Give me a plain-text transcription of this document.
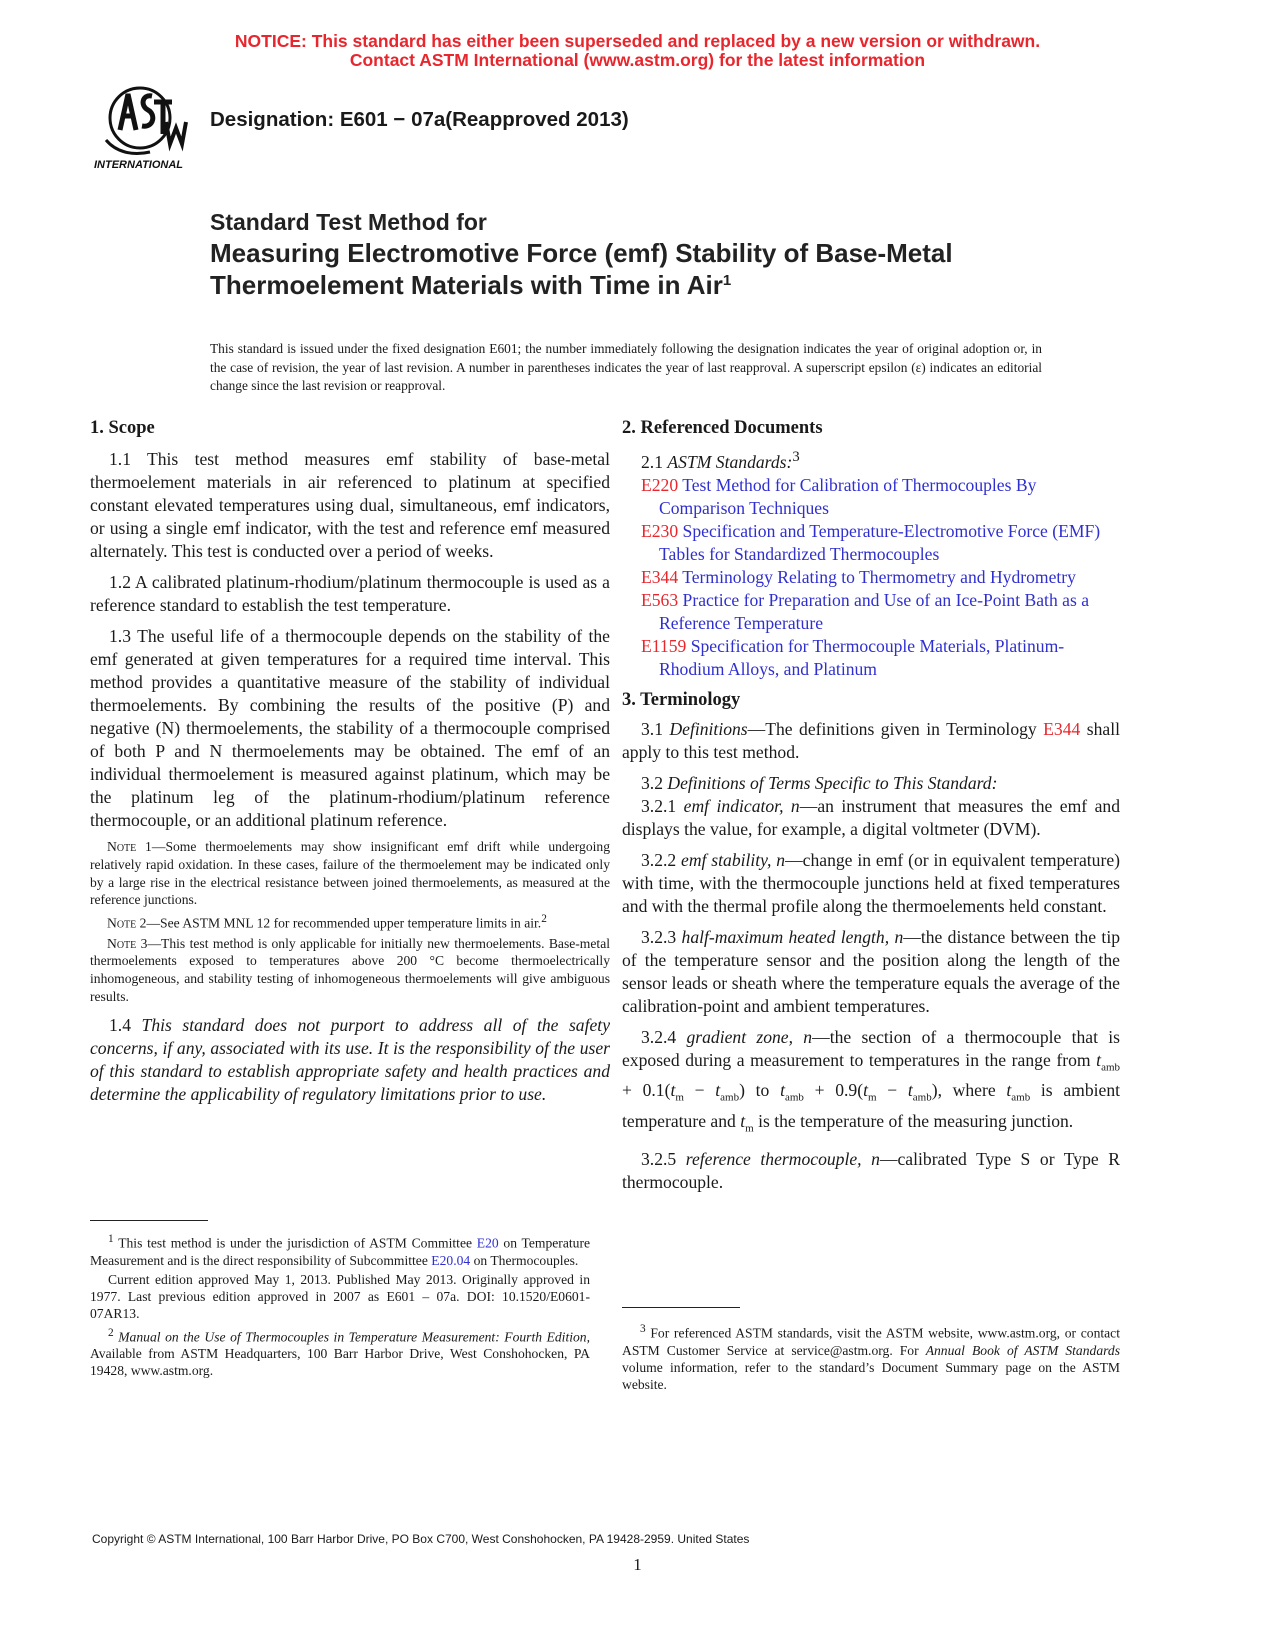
NOTICE: This standard has either been superseded and replaced by a new version or withdrawn.
Contact ASTM International (www.astm.org) for the latest information
INTERNATIONAL
Designation: E601 − 07a(Reapproved 2013)
Standard Test Method for
Measuring Electromotive Force (emf) Stability of Base-Metal
Thermoelement Materials with Time in Air$^1$
This standard is issued under the fixed designation E601; the number immediately following the designation indicates the year of original adoption or, in the case of revision, the year of last revision. A number in parentheses indicates the year of last reapproval. A superscript epsilon (ε) indicates an editorial change since the last revision or reapproval.
1. Scope

1.1 This test method measures emf stability of base-metal thermoelement materials in air referenced to platinum at specified constant elevated temperatures using dual, simultaneous, emf indicators, or using a single emf indicator, with the test and reference emf measured alternately. This test is conducted over a period of weeks.

1.2 A calibrated platinum-rhodium/platinum thermocouple is used as a reference standard to establish the test temperature.

1.3 The useful life of a thermocouple depends on the stability of the emf generated at given temperatures for a required time interval. This method provides a quantitative measure of the stability of individual thermoelements. By combining the results of the positive (P) and negative (N) thermoelements, the stability of a thermocouple comprised of both P and N thermoelements may be obtained. The emf of an individual thermoelement is measured against platinum, which may be the platinum leg of the platinum-rhodium/platinum reference thermocouple, or an additional platinum reference.

Note 1—Some thermoelements may show insignificant emf drift while undergoing relatively rapid oxidation. In these cases, failure of the thermoelement may be indicated only by a large rise in the electrical resistance between joined thermoelements, as measured at the reference junctions.
Note 2—See ASTM MNL 12 for recommended upper temperature limits in air.$^2$
Note 3—This test method is only applicable for initially new thermoelements. Base-metal thermoelements exposed to temperatures above 200 °C become thermoelectrically inhomogeneous, and stability testing of inhomogeneous thermoelements will give ambiguous results.

1.4 This standard does not purport to address all of the safety concerns, if any, associated with its use. It is the responsibility of the user of this standard to establish appropriate safety and health practices and determine the applicability of regulatory limitations prior to use.

$^1$ This test method is under the jurisdiction of ASTM Committee E20 on Temperature Measurement and is the direct responsibility of Subcommittee E20.04 on Thermocouples.

Current edition approved May 1, 2013. Published May 2013. Originally approved in 1977. Last previous edition approved in 2007 as E601 – 07a. DOI: 10.1520/E0601-07AR13.

$^2$ Manual on the Use of Thermocouples in Temperature Measurement: Fourth Edition, Available from ASTM Headquarters, 100 Barr Harbor Drive, West Conshohocken, PA 19428, www.astm.org.

2. Referenced Documents

2.1 ASTM Standards:$^3$

E220 Test Method for Calibration of Thermocouples By Comparison Techniques
E230 Specification and Temperature-Electromotive Force (EMF) Tables for Standardized Thermocouples
E344 Terminology Relating to Thermometry and Hydrometry
E563 Practice for Preparation and Use of an Ice-Point Bath as a Reference Temperature
E1159 Specification for Thermocouple Materials, Platinum-Rhodium Alloys, and Platinum
3. Terminology

3.1 Definitions—The definitions given in Terminology E344 shall apply to this test method.

3.2 Definitions of Terms Specific to This Standard:

3.2.1 emf indicator, n—an instrument that measures the emf and displays the value, for example, a digital voltmeter (DVM).

3.2.2 emf stability, n—change in emf (or in equivalent temperature) with time, with the thermocouple junctions held at fixed temperatures and with the thermal profile along the thermoelements held constant.

3.2.3 half-maximum heated length, n—the distance between the tip of the temperature sensor and the position along the length of the sensor leads or sheath where the temperature equals the average of the calibration-point and ambient temperatures.

3.2.4 gradient zone, n—the section of a thermocouple that is exposed during a measurement to temperatures in the range from $t_{amb} + 0.1(t_m - t_{amb})$ to $t_{amb} + 0.9(t_m - t_{amb})$, where $t_{amb}$ is ambient temperature and $t_m$ is the temperature of the measuring junction.

3.2.5 reference thermocouple, n—calibrated Type S or Type R thermocouple.

$^3$ For referenced ASTM standards, visit the ASTM website, www.astm.org, or contact ASTM Customer Service at service@astm.org. For Annual Book of ASTM Standards volume information, refer to the standard’s Document Summary page on the ASTM website.

Copyright © ASTM International, 100 Barr Harbor Drive, PO Box C700, West Conshohocken, PA 19428-2959. United States
1
